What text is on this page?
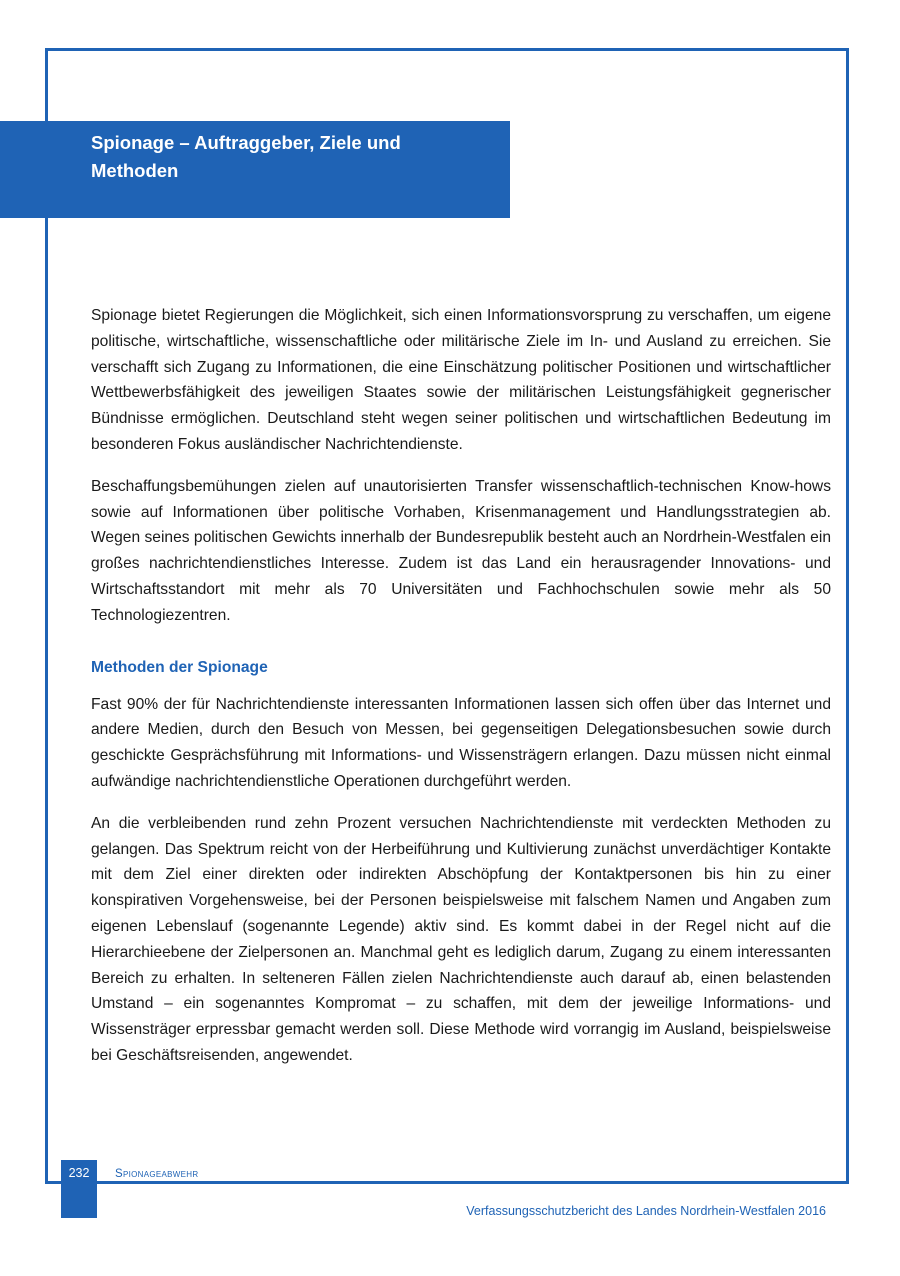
Spionage – Auftraggeber, Ziele und
Methoden

Spionage bietet Regierungen die Möglichkeit, sich einen Informationsvorsprung zu verschaffen, um eigene politische, wirtschaftliche, wissenschaftliche oder militärische Ziele im In- und Ausland zu erreichen. Sie verschafft sich Zugang zu Informationen, die eine Einschätzung politischer Positionen und wirtschaftlicher Wettbewerbsfähigkeit des jeweiligen Staates sowie der militärischen Leistungsfähigkeit gegnerischer Bündnisse ermöglichen. Deutschland steht wegen seiner politischen und wirtschaftlichen Bedeutung im besonderen Fokus ausländischer Nachrichtendienste.

Beschaffungsbemühungen zielen auf unautorisierten Transfer wissenschaftlich-technischen Know-hows sowie auf Informationen über politische Vorhaben, Krisenmanagement und Handlungsstrategien ab. Wegen seines politischen Gewichts innerhalb der Bundesrepublik besteht auch an Nordrhein-Westfalen ein großes nachrichtendienstliches Interesse. Zudem ist das Land ein herausragender Innovations- und Wirtschaftsstandort mit mehr als 70 Universitäten und Fachhochschulen sowie mehr als 50 Technologiezentren.

Methoden der Spionage

Fast 90% der für Nachrichtendienste interessanten Informationen lassen sich offen über das Internet und andere Medien, durch den Besuch von Messen, bei gegenseitigen Delegationsbesuchen sowie durch geschickte Gesprächsführung mit Informations- und Wissensträgern erlangen. Dazu müssen nicht einmal aufwändige nachrichtendienstliche Operationen durchgeführt werden.

An die verbleibenden rund zehn Prozent versuchen Nachrichtendienste mit verdeckten Methoden zu gelangen. Das Spektrum reicht von der Herbeiführung und Kultivierung zunächst unverdächtiger Kontakte mit dem Ziel einer direkten oder indirekten Abschöpfung der Kontaktpersonen bis hin zu einer konspirativen Vorgehensweise, bei der Personen beispielsweise mit falschem Namen und Angaben zum eigenen Lebenslauf (sogenannte Legende) aktiv sind. Es kommt dabei in der Regel nicht auf die Hierarchieebene der Zielpersonen an. Manchmal geht es lediglich darum, Zugang zu einem interessanten Bereich zu erhalten. In selteneren Fällen zielen Nachrichtendienste auch darauf ab, einen belastenden Umstand – ein sogenanntes Kompromat – zu schaffen, mit dem der jeweilige Informations- und Wissensträger erpressbar gemacht werden soll. Diese Methode wird vorrangig im Ausland, beispielsweise bei Geschäftsreisenden, angewendet.

232	Spionageabwehr
Verfassungsschutzbericht des Landes Nordrhein-Westfalen 2016
